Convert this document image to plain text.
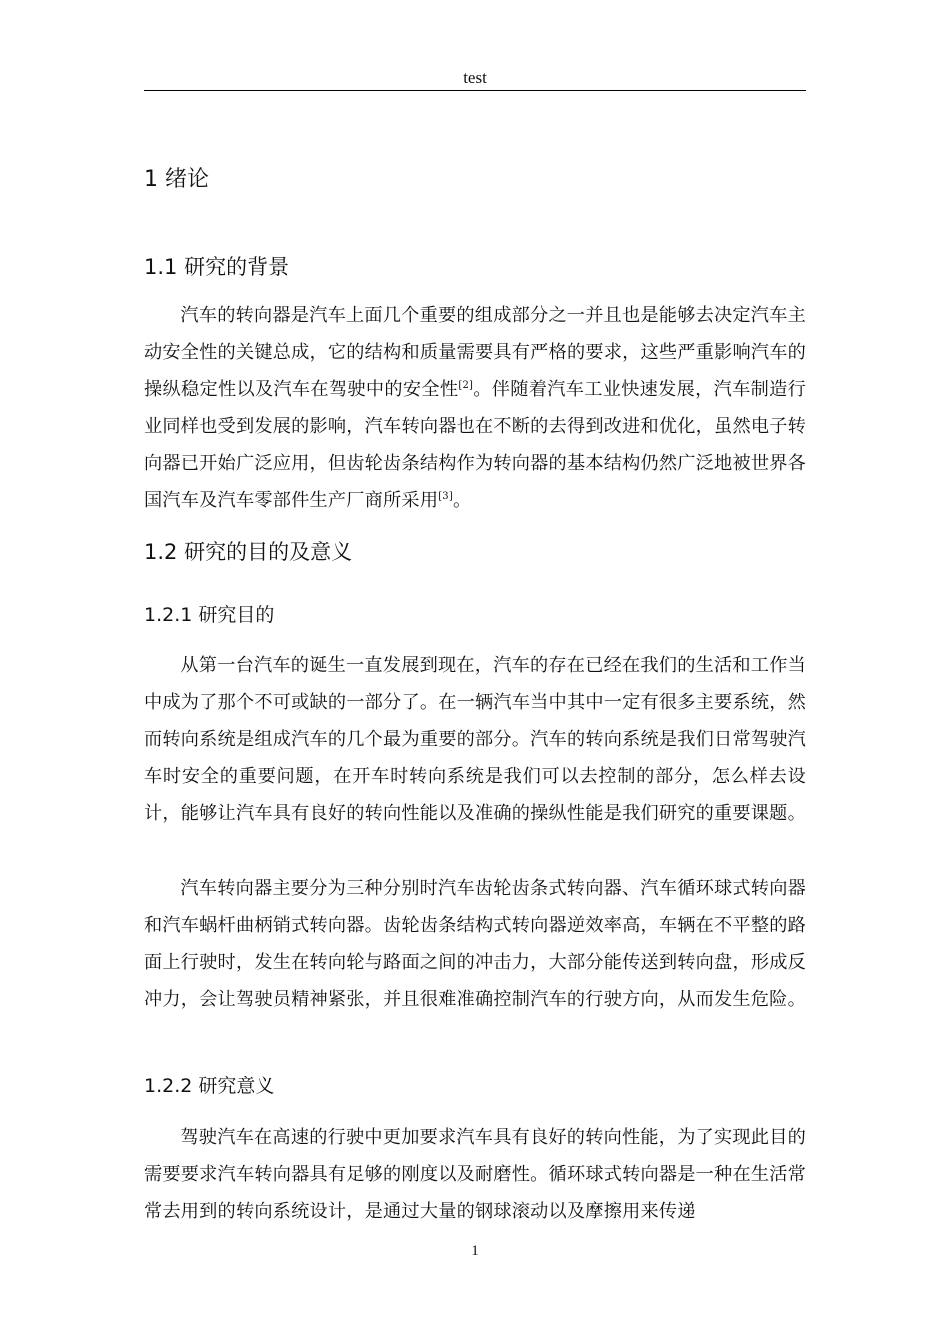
test
1 绪论
1.1 研究的背景
汽车的转向器是汽车上面几个重要的组成部分之一并且也是能够去决定汽车主动安全性的关键总成，它的结构和质量需要具有严格的要求，这些严重影响汽车的操纵稳定性以及汽车在驾驶中的安全性[2]。伴随着汽车工业快速发展，汽车制造行业同样也受到发展的影响，汽车转向器也在不断的去得到改进和优化，虽然电子转向器已开始广泛应用，但齿轮齿条结构作为转向器的基本结构仍然广泛地被世界各国汽车及汽车零部件生产厂商所采用[3]。
1.2 研究的目的及意义
1.2.1 研究目的
从第一台汽车的诞生一直发展到现在，汽车的存在已经在我们的生活和工作当中成为了那个不可或缺的一部分了。在一辆汽车当中其中一定有很多主要系统，然而转向系统是组成汽车的几个最为重要的部分。汽车的转向系统是我们日常驾驶汽车时安全的重要问题，在开车时转向系统是我们可以去控制的部分，怎么样去设计，能够让汽车具有良好的转向性能以及准确的操纵性能是我们研究的重要课题。
汽车转向器主要分为三种分别时汽车齿轮齿条式转向器、汽车循环球式转向器和汽车蜗杆曲柄销式转向器。齿轮齿条结构式转向器逆效率高，车辆在不平整的路面上行驶时，发生在转向轮与路面之间的冲击力，大部分能传送到转向盘，形成反冲力，会让驾驶员精神紧张，并且很难准确控制汽车的行驶方向，从而发生危险。
1.2.2 研究意义
驾驶汽车在高速的行驶中更加要求汽车具有良好的转向性能，为了实现此目的需要要求汽车转向器具有足够的刚度以及耐磨性。循环球式转向器是一种在生活常常去用到的转向系统设计，是通过大量的钢球滚动以及摩擦用来传递
1
